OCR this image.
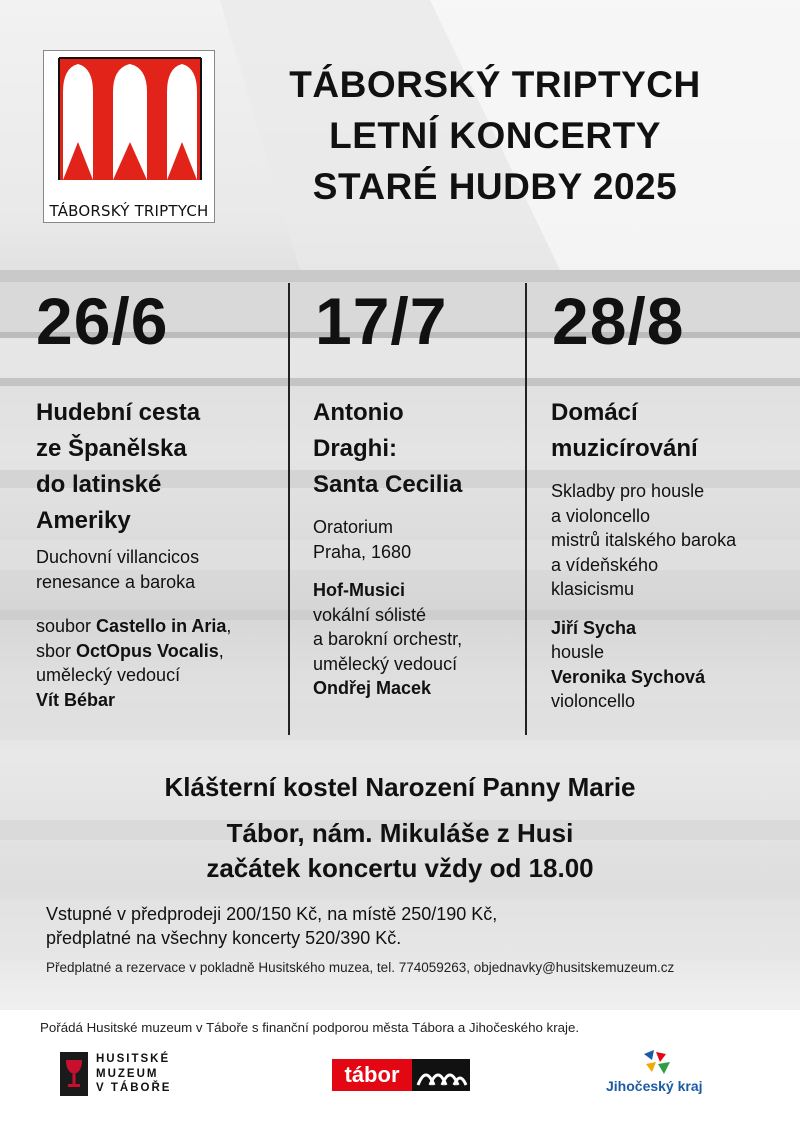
TÁBORSKÝ TRIPTYCH
TÁBORSKÝ TRIPTYCH
LETNÍ KONCERTY
STARÉ HUDBY 2025
26/6 17/7 28/8
Hudební cesta
ze Španělska
do latinské
Ameriky
Duchovní villancicos
renesance a baroka
soubor Castello in Aria,
sbor OctOpus Vocalis,
umělecký vedoucí
Vít Bébar
Antonio
Draghi:
Santa Cecilia
Oratorium
Praha, 1680
Hof-Musici
vokální sólisté
a barokní orchestr,
umělecký vedoucí
Ondřej Macek
Domácí
muzicírování
Skladby pro housle
a violoncello
mistrů italského baroka
a vídeňského
klasicismu
Jiří Sycha
housle
Veronika Sychová
violoncello
Klášterní kostel Narození Panny Marie
Tábor, nám. Mikuláše z Husi
začátek koncertu vždy od 18.00
Vstupné v předprodeji 200/150 Kč, na místě 250/190 Kč,
předplatné na všechny koncerty 520/390 Kč.
Předplatné a rezervace v pokladně Husitského muzea, tel. 774059263, objednavky@husitskemuzeum.cz
Pořádá Husitské muzeum v Táboře s finanční podporou města Tábora a Jihočeského kraje.
HUSITSKÉ
MUZEUM
V TÁBOŘE
tábor	Jihočeský kraj
